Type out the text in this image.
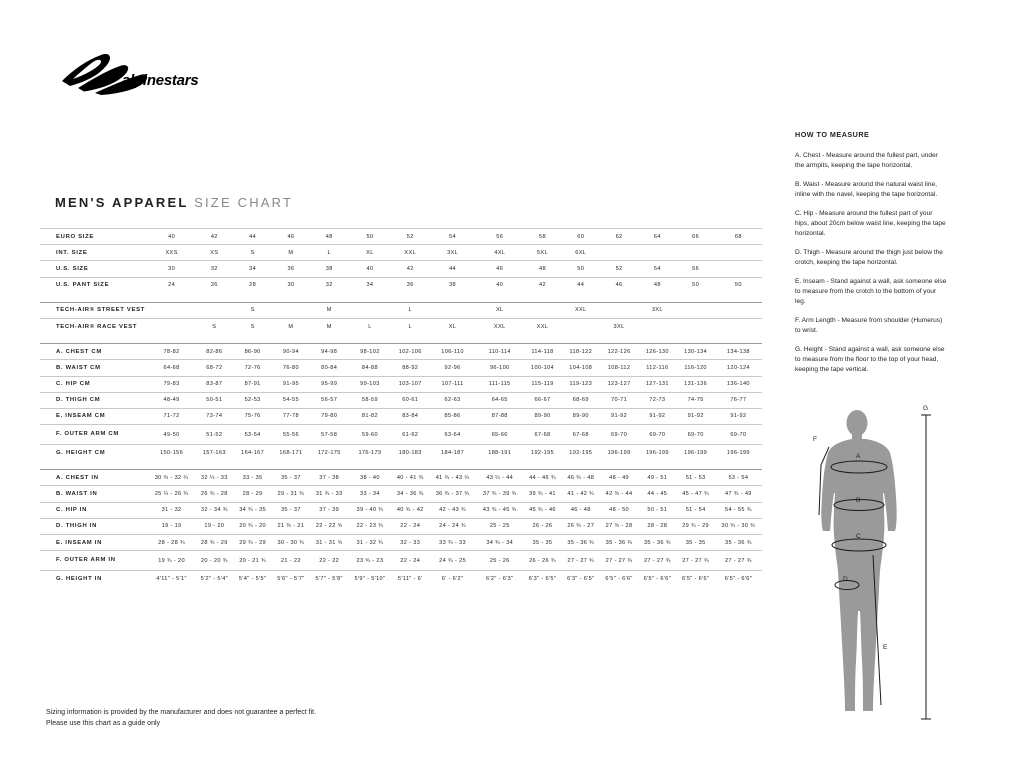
alpinestars
MEN'S APPAREL SIZE CHART
EURO SIZE	40	42	44	46	48	50	52	54	56	58	60	62		64		66		68	
INT. SIZE	XXS		XS		S		M		L		XL		XXL		3XL		4XL		5XL		6XL									
U.S. SIZE	30	32	34	36	38	40	42	44	46	48	50	52		54		56			
U.S. PANT SIZE	24	26	28	30	32	34	36	38	40	42	44	46		48		50		50	

TECH-AIR® STREET VEST			S		M		L		XL		XXL			3XL					
TECH-AIR® RACE VEST		S	S	M	M	L	L	XL	XXL	XXL		3XL							

A. CHEST CM	78-82	82-86	86-90	90-94	94-98	98-102	102-106	106-110	110-114	114-118	118-122	122-126		126-130		130-134		134-138	
B. WAIST CM	64-68	68-72	72-76	76-80	80-84	84-88	88-92	92-96	96-100	100-104	104-108	108-112		112-116		116-120		120-124	
C. HIP CM	79-83	83-87	87-91	91-95	95-99	99-103	103-107	107-111	111-115	115-119	119-123	123-127		127-131		131-136		136-140	
D. THIGH CM	48-49	50-51	52-53	54-55	56-57	58-59	60-61	62-63	64-65	66-67	68-69	70-71		72-73		74-75		76-77	
E. INSEAM CM	71-72	73-74	75-76	77-78	79-80	81-82	83-84	85-86	87-88	89-90	89-90	91-92		91-92		91-92		91-92	

F. OUTER ARM CM	49-50	51-52	53-54	55-56	57-58	59-60	61-62	63-64	65-66	67-68	67-68	69-70		69-70		69-70		69-70	
G. HEIGHT CM	150-156	157-163	164-167	168-171	172-175	176-179	180-183	184-187	188-191	192-195	192-195	196-199		196-199		196-199		196-199	

A. CHEST IN	30 ¾ - 32 ¼	32 ¼ - 33	33 - 35	35 - 37	37 - 38	38 - 40	40 - 41 ¾	41 ¾ - 43 ¼	43 ¼ - 44	44 - 46 ¾	46 ¾ - 48	48 - 49		49 - 51		51 - 53		53 - 54	
B. WAIST IN	25 ¼ - 26 ¾	26 ¾ - 28	28 - 29	29 - 31 ¾	31 ¾ - 33	33 - 34	34 - 36 ¾	36 ¾ - 37 ¾	37 ¾ - 39 ¾	39 ¾ - 41	41 - 42 ¾	42 ¾ - 44		44 - 45		45 - 47 ¾		47 ¾ - 49	
C. HIP IN	31 - 32	32 - 34 ¾	34 ¾ - 35	35 - 37	37 - 39	39 - 40 ¾	40 ¾ - 42	42 - 43 ¾	43 ¾ - 45 ¾	45 ¾ - 46	46 - 48	48 - 50		50 - 51		51 - 54		54 - 55 ¾	
D. THIGH IN	19 - 19	19 - 20	20 ¾ - 20	21 ¾ - 21	22 - 22 ¾	22 - 23 ¾	22 - 24	24 - 24 ¾	25 - 25	26 - 26	26 ¾ - 27	27 ¾ - 28		28 - 28		29 ¾ - 29		30 ¾ - 30 ¾	
E. INSEAM IN	28 - 28 ¾	28 ¾ - 29	29 ¾ - 29	30 - 30 ¾	31 - 31 ¾	31 - 32 ¾	32 - 33	33 ¾ - 33	34 ¾ - 34	35 - 35	35 - 36 ¾	35 - 36 ¾		35 - 36 ¾		35 - 35		35 - 36 ¾	

F. OUTER ARM IN	19 ¾ - 20	20 - 20 ¾	20 - 21 ¾	21 - 22	22 - 22	23 ¾ - 23	22 - 24	24 ¾ - 25	25 - 26	26 - 26 ¾	27 - 27 ¾	27 - 27 ¾		27 - 27 ¾		27 - 27 ¾		27 - 27 ¾	
G. HEIGHT IN	4'11" - 5'1"	5'2" - 5'4"	5'4" - 5'5"	5'6" - 5'7"	5'7" - 5'8"	5'9" - 5'10"	5'11" - 6'	6' - 6'2"	6'2" - 6'3"	6'3" - 6'5"	6'3" - 6'5"	6'5" - 6'6"		6'5" - 6'6"		6'5" - 6'6"		6'5" - 6'6"	
HOW TO MEASURE

A. Chest - Measure around the fullest part, under the armpits, keeping the tape horizontal.

B. Waist - Measure around the natural waist line, inline with the navel, keeping the tape horizontal.

C. Hip - Measure around the fullest part of your hips, about 20cm below waist line, keeping the tape horizontal.

D. Thigh - Measure around the thigh just below the crotch, keeping the tape horizontal.

E. Inseam - Stand against a wall, ask someone else to measure from the crotch to the bottom of your leg.

F. Arm Length - Measure from shoulder (Humerus) to wrist.

G. Height - Stand against a wall, ask someone else to measure from the floor to the top of your head, keeping the tape vertical.

A
B
C
D
E
F
G
Sizing information is provided by the manufacturer and does not guarantee a perfect fit.
Please use this chart as a guide only
